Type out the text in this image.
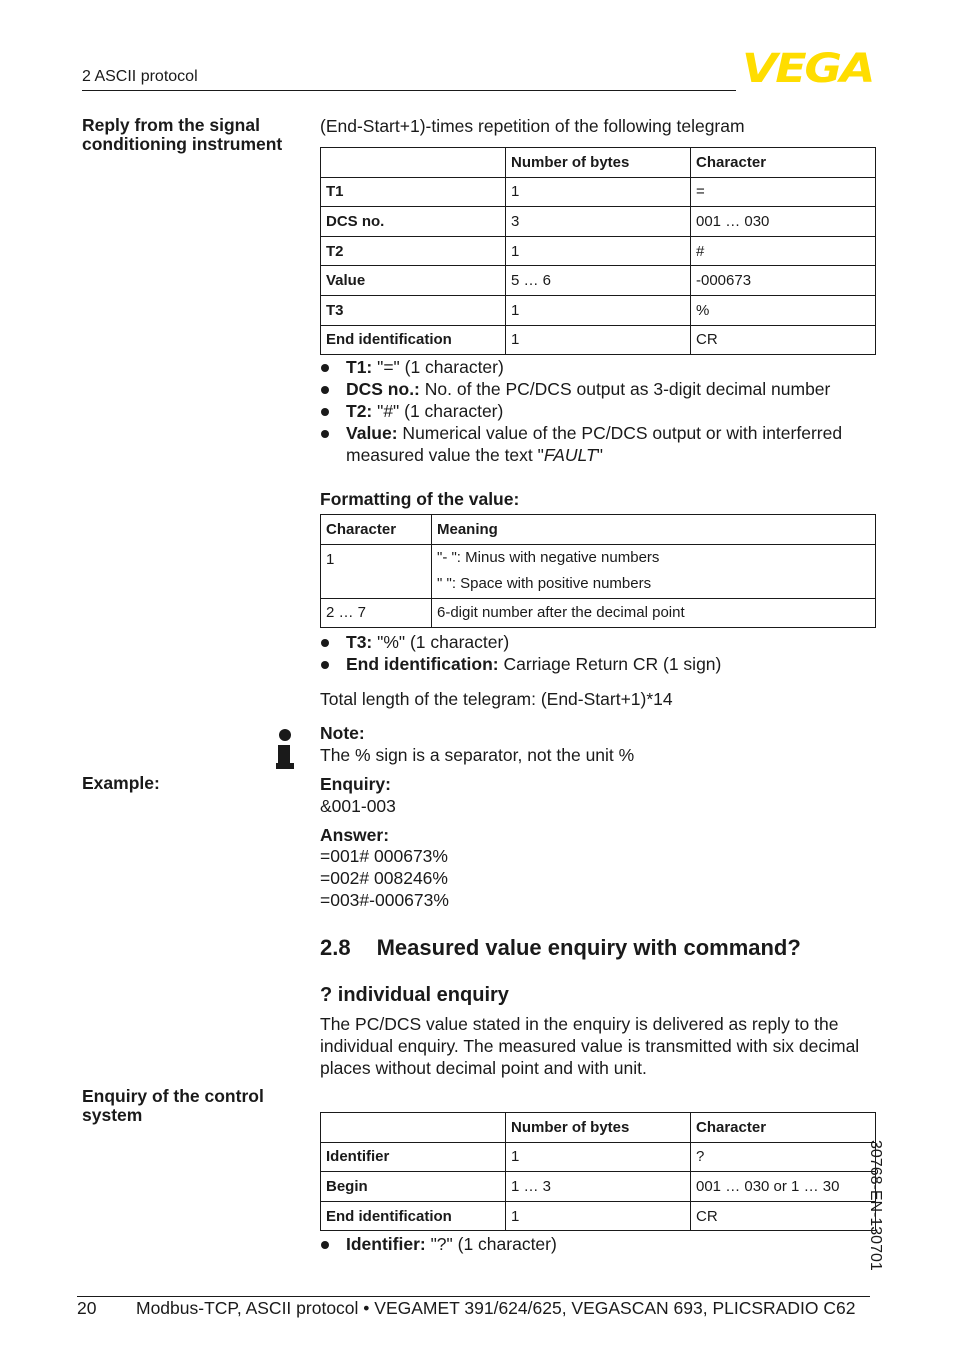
2 ASCII protocol	VEGA
Reply from the signal conditioning instrument
(End-Start+1)-times repetition of the following telegram
	Number of bytes	Character
T1	1	=
DCS no.	3	001 … 030
T2	1	#
Value	5 … 6	-000673
T3	1	%
End identification	1	CR
T1: "=" (1 character)
DCS no.: No. of the PC/DCS output as 3-digit decimal number
T2: "#" (1 character)
Value: Numerical value of the PC/DCS output or with interferred measured value the text "FAULT"
Formatting of the value:
Character	Meaning
1	"- ": Minus with negative numbers
" ": Space with positive numbers

2 … 7	6-digit number after the decimal point
T3: "%" (1 character)
End identification: Carriage Return CR (1 sign)
Total length of the telegram: (End-Start+1)*14
Note:
The % sign is a separator, not the unit %
Example:	Enquiry:
&001-003
Answer:
=001# 000673%
=002# 008246%
=003#-000673%
2.8 Measured value enquiry with command?
? individual enquiry
The PC/DCS value stated in the enquiry is delivered as reply to the individual enquiry. The measured value is transmitted with six decimal places without decimal point and with unit.
Enquiry of the control system
	Number of bytes	Character
Identifier	1	?
Begin	1 … 3	001 … 030 or 1 … 30
End identification	1	CR
Identifier: "?" (1 character)	30768-EN-130701
20 Modbus-TCP, ASCII protocol • VEGAMET 391/624/625, VEGASCAN 693, PLICSRADIO C62
